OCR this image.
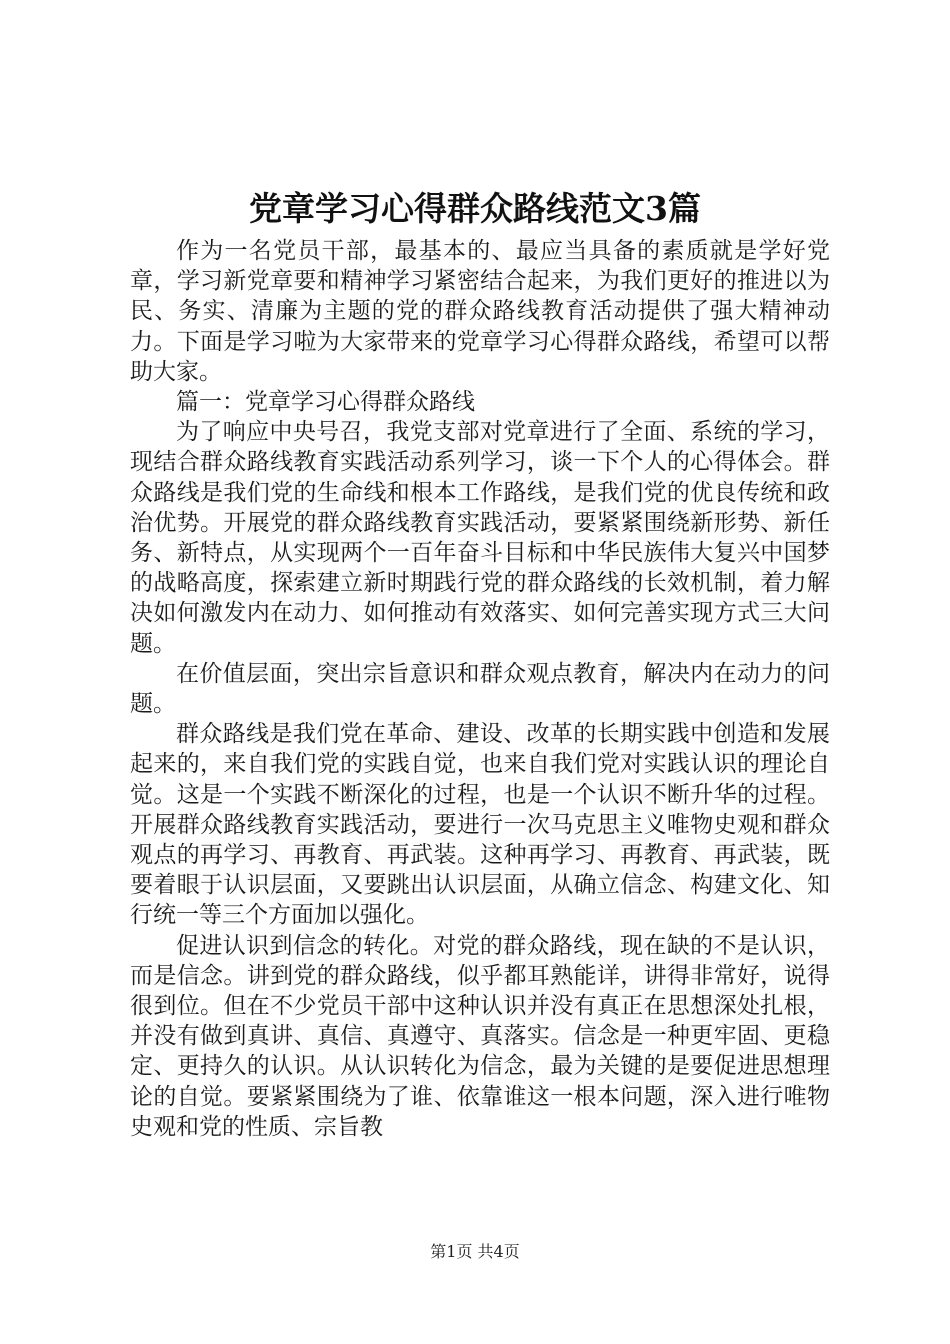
党章学习心得群众路线范文3篇

作为一名党员干部，最基本的、最应当具备的素质就是学好党章，学习新党章要和精神学习紧密结合起来，为我们更好的推进以为民、务实、清廉为主题的党的群众路线教育活动提供了强大精神动力。下面是学习啦为大家带来的党章学习心得群众路线，希望可以帮助大家。

篇一：党章学习心得群众路线

为了响应中央号召，我党支部对党章进行了全面、系统的学习，现结合群众路线教育实践活动系列学习，谈一下个人的心得体会。群众路线是我们党的生命线和根本工作路线，是我们党的优良传统和政治优势。开展党的群众路线教育实践活动，要紧紧围绕新形势、新任务、新特点，从实现两个一百年奋斗目标和中华民族伟大复兴中国梦的战略高度，探索建立新时期践行党的群众路线的长效机制，着力解决如何激发内在动力、如何推动有效落实、如何完善实现方式三大问题。

在价值层面，突出宗旨意识和群众观点教育，解决内在动力的问题。

群众路线是我们党在革命、建设、改革的长期实践中创造和发展起来的，来自我们党的实践自觉，也来自我们党对实践认识的理论自觉。这是一个实践不断深化的过程，也是一个认识不断升华的过程。开展群众路线教育实践活动，要进行一次马克思主义唯物史观和群众观点的再学习、再教育、再武装。这种再学习、再教育、再武装，既要着眼于认识层面，又要跳出认识层面，从确立信念、构建文化、知行统一等三个方面加以强化。

促进认识到信念的转化。对党的群众路线，现在缺的不是认识，而是信念。讲到党的群众路线，似乎都耳熟能详，讲得非常好，说得很到位。但在不少党员干部中这种认识并没有真正在思想深处扎根，并没有做到真讲、真信、真遵守、真落实。信念是一种更牢固、更稳定、更持久的认识。从认识转化为信念，最为关键的是要促进思想理论的自觉。要紧紧围绕为了谁、依靠谁这一根本问题，深入进行唯物史观和党的性质、宗旨教

第1页 共4页
